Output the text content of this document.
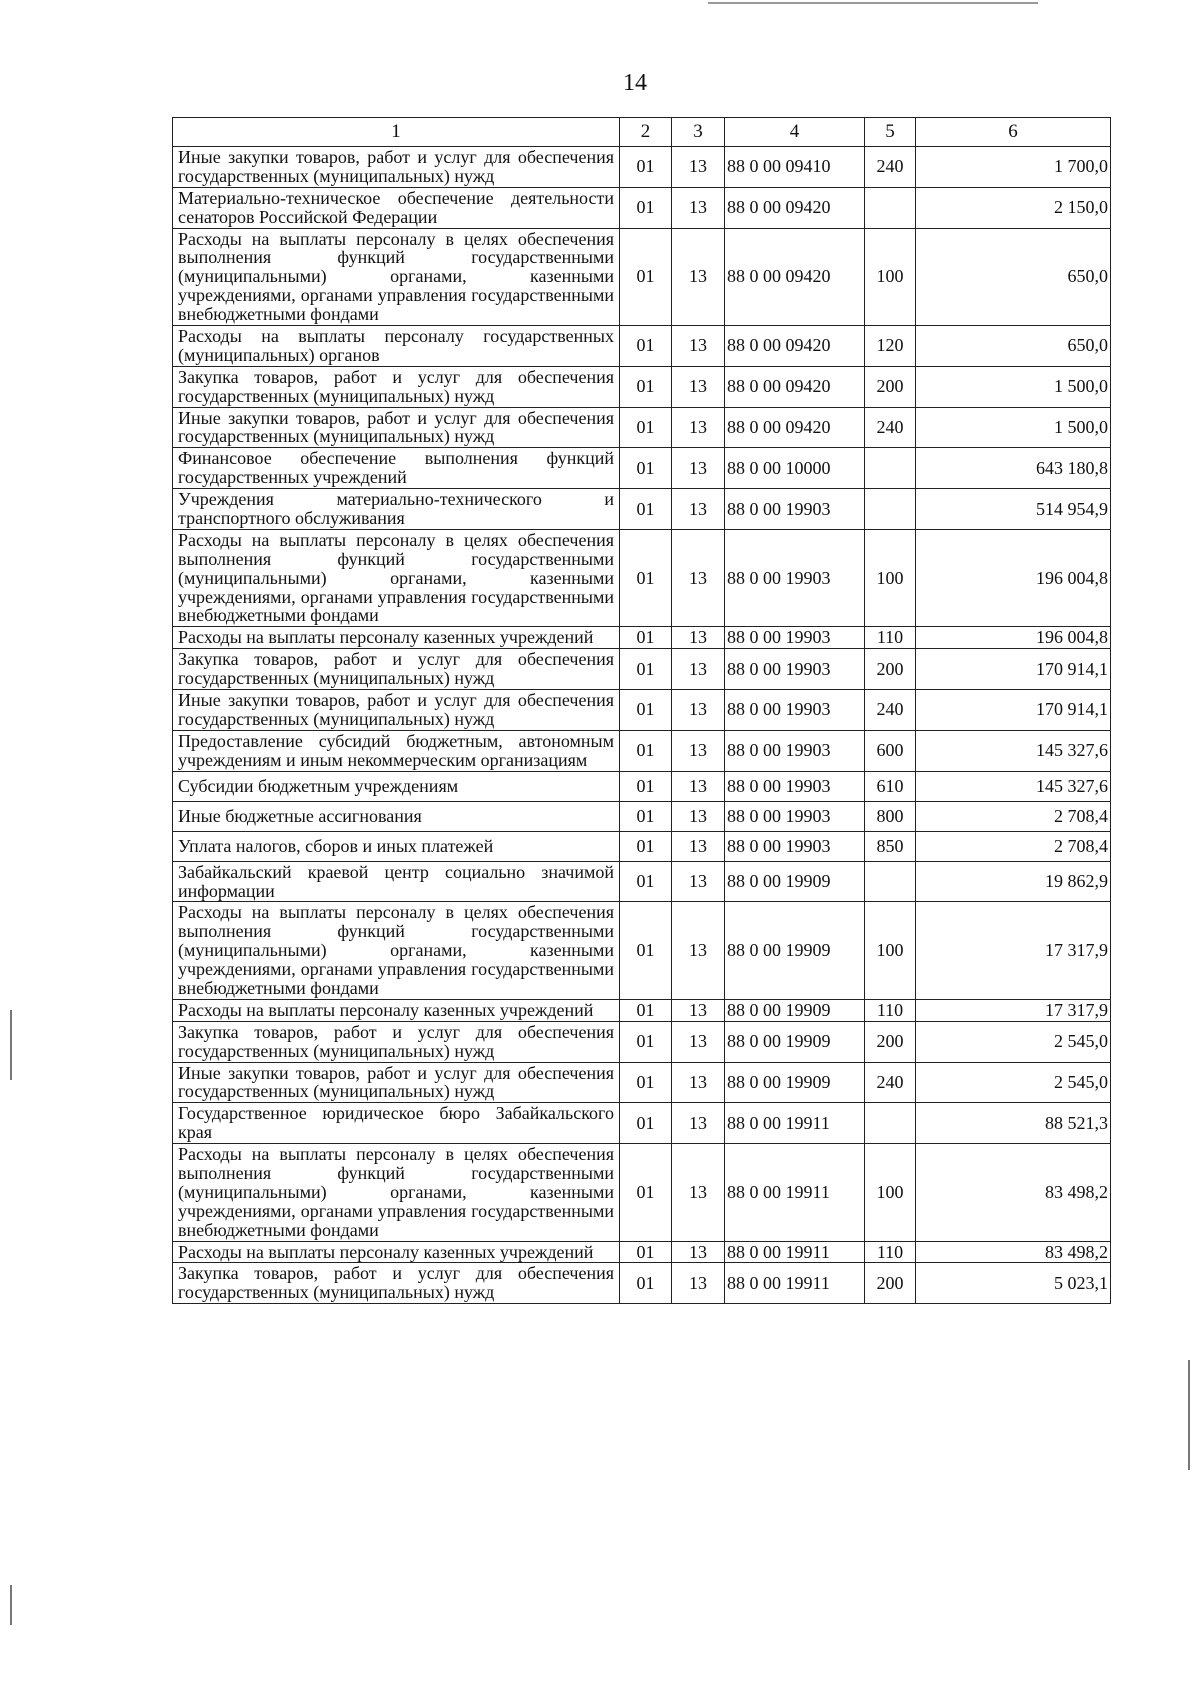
14
1	2	3	4	5	6
Иные закупки товаров, работ и услуг для обеспечения государственных (муниципальных) нужд	01	13	88 0 00 09410	240	1 700,0
Материально-техническое обеспечение деятельности сенаторов Российской Федерации	01	13	88 0 00 09420		2 150,0
Расходы на выплаты персоналу в целях обеспечения выполнения функций государственными (муниципальными) органами, казенными учреждениями, органами управления государственными внебюджетными фондами	01	13	88 0 00 09420	100	650,0
Расходы на выплаты персоналу государственных (муниципальных) органов	01	13	88 0 00 09420	120	650,0
Закупка товаров, работ и услуг для обеспечения государственных (муниципальных) нужд	01	13	88 0 00 09420	200	1 500,0
Иные закупки товаров, работ и услуг для обеспечения государственных (муниципальных) нужд	01	13	88 0 00 09420	240	1 500,0
Финансовое обеспечение выполнения функций государственных учреждений	01	13	88 0 00 10000		643 180,8
Учреждения материально-технического и транспортного обслуживания	01	13	88 0 00 19903		514 954,9
Расходы на выплаты персоналу в целях обеспечения выполнения функций государственными (муниципальными) органами, казенными учреждениями, органами управления государственными внебюджетными фондами	01	13	88 0 00 19903	100	196 004,8
Расходы на выплаты персоналу казенных учреждений	01	13	88 0 00 19903	110	196 004,8
Закупка товаров, работ и услуг для обеспечения государственных (муниципальных) нужд	01	13	88 0 00 19903	200	170 914,1
Иные закупки товаров, работ и услуг для обеспечения государственных (муниципальных) нужд	01	13	88 0 00 19903	240	170 914,1
Предоставление субсидий бюджетным, автономным учреждениям и иным некоммерческим организациям	01	13	88 0 00 19903	600	145 327,6
Субсидии бюджетным учреждениям	01	13	88 0 00 19903	610	145 327,6
Иные бюджетные ассигнования	01	13	88 0 00 19903	800	2 708,4
Уплата налогов, сборов и иных платежей	01	13	88 0 00 19903	850	2 708,4
Забайкальский краевой центр социально значимой информации	01	13	88 0 00 19909		19 862,9
Расходы на выплаты персоналу в целях обеспечения выполнения функций государственными (муниципальными) органами, казенными учреждениями, органами управления государственными внебюджетными фондами	01	13	88 0 00 19909	100	17 317,9
Расходы на выплаты персоналу казенных учреждений	01	13	88 0 00 19909	110	17 317,9
Закупка товаров, работ и услуг для обеспечения государственных (муниципальных) нужд	01	13	88 0 00 19909	200	2 545,0
Иные закупки товаров, работ и услуг для обеспечения государственных (муниципальных) нужд	01	13	88 0 00 19909	240	2 545,0
Государственное юридическое бюро Забайкальского края	01	13	88 0 00 19911		88 521,3
Расходы на выплаты персоналу в целях обеспечения выполнения функций государственными (муниципальными) органами, казенными учреждениями, органами управления государственными внебюджетными фондами	01	13	88 0 00 19911	100	83 498,2
Расходы на выплаты персоналу казенных учреждений	01	13	88 0 00 19911	110	83 498,2
Закупка товаров, работ и услуг для обеспечения государственных (муниципальных) нужд	01	13	88 0 00 19911	200	5 023,1
